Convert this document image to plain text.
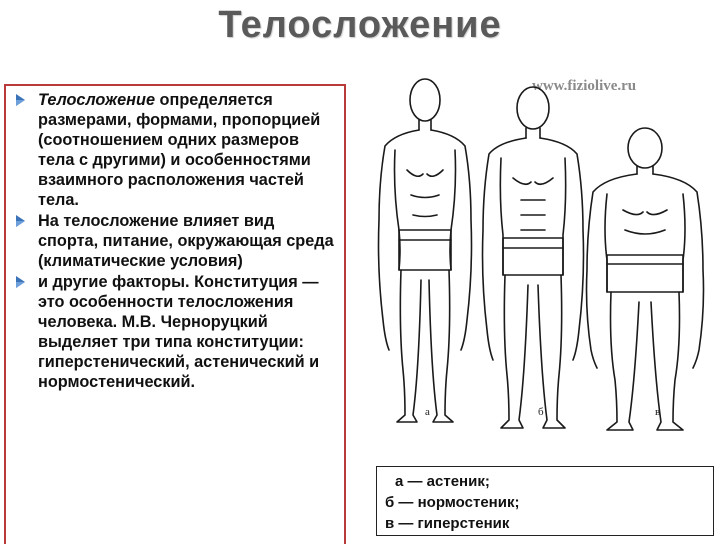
Телосложение
www.fiziolive.ru
Телосложение определяется размерами, формами, пропорцией (соотношением одних размеров тела с другими) и особенностями взаимного расположения частей тела.
На телосложение влияет вид спорта, питание, окружающая среда (климатические условия)
и другие факторы. Конституция — это особенности телосложения человека. М.В. Черноруцкий выделяет три типа конституции: гиперстенический, астенический и нормостенический.
а	б	в
а — астеник;
б — нормостеник;
в — гиперстеник
